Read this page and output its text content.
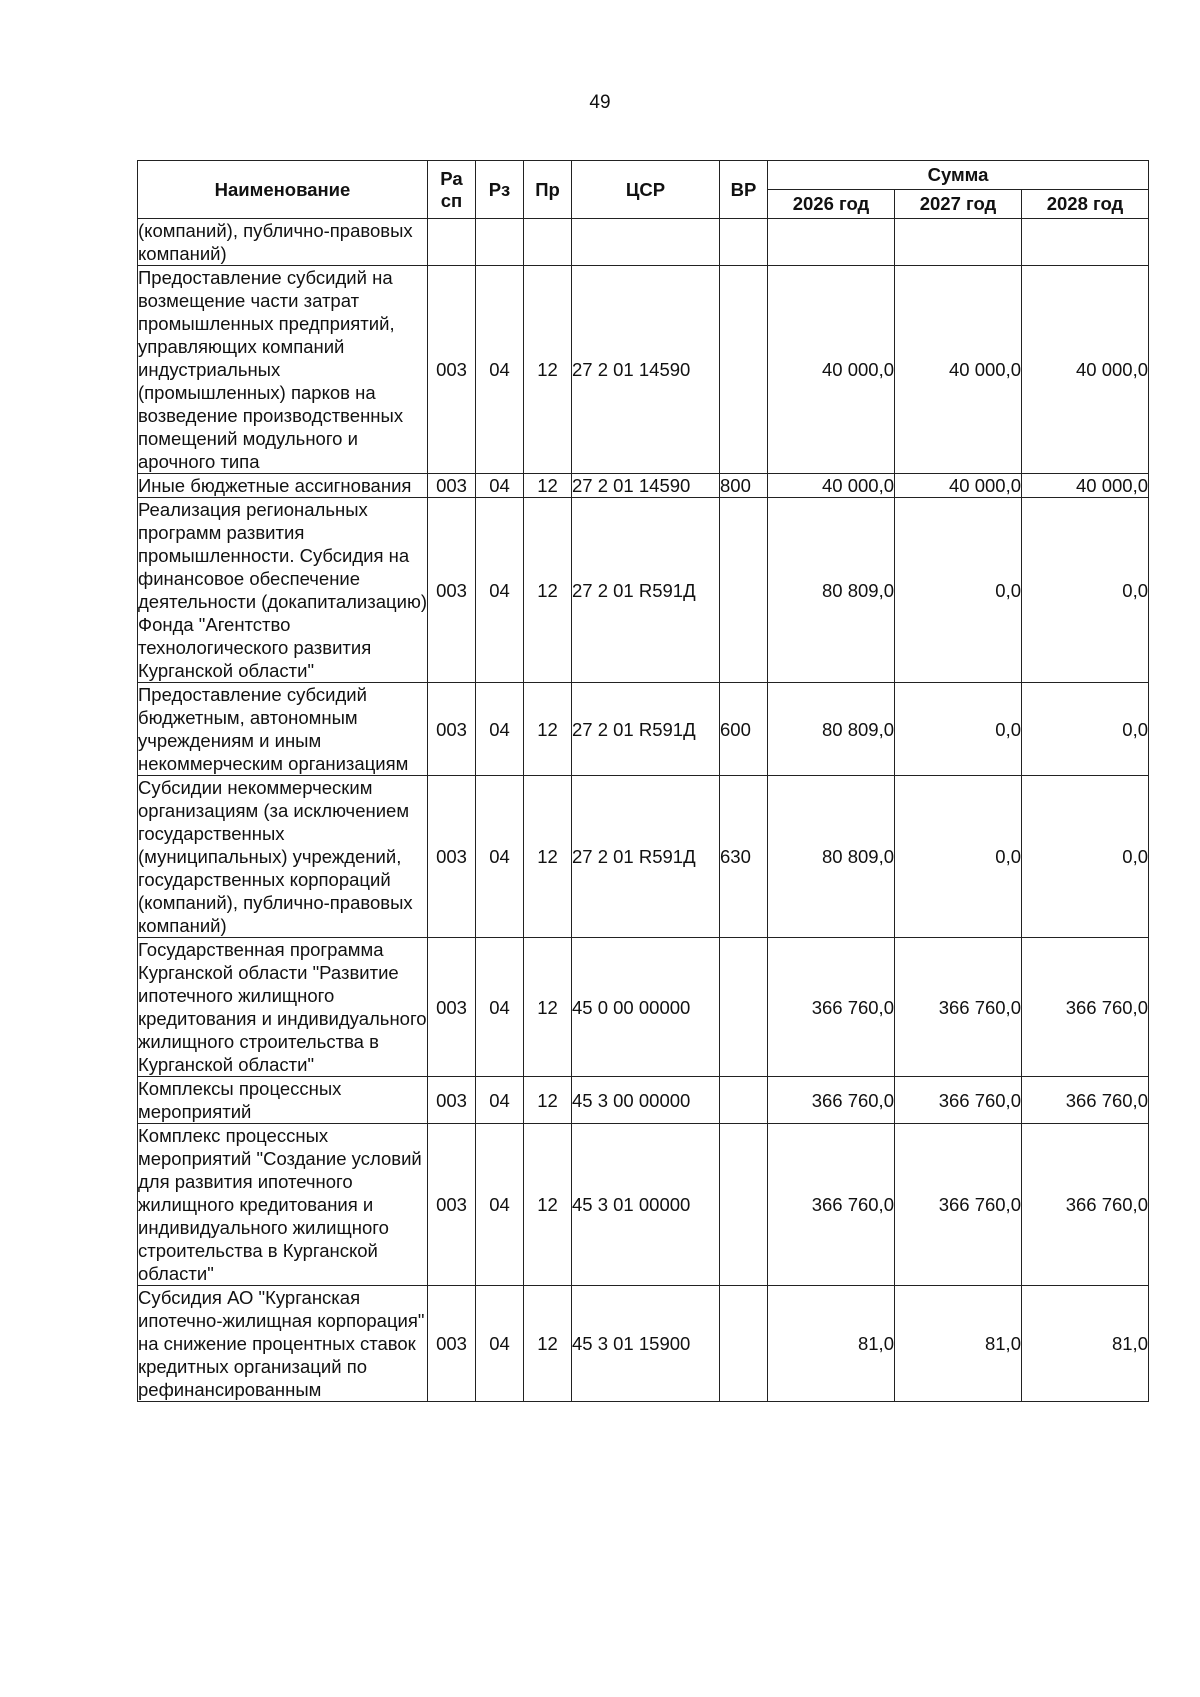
49
Наименование	Ра сп	Рз	Пр	ЦСР	ВР	Сумма		
						2026 год	2027 год	2028 год
(компаний), публично-правовых компаний)								
Предоставление субсидий на возмещение части затрат промышленных предприятий, управляющих компаний индустриальных (промышленных) парков на возведение производственных помещений модульного и арочного типа	003	04	12	27 2 01 14590		40 000,0	40 000,0	40 000,0
Иные бюджетные ассигнования	003	04	12	27 2 01 14590	800	40 000,0	40 000,0	40 000,0
Реализация региональных программ развития промышленности. Субсидия на финансовое обеспечение деятельности (докапитализацию) Фонда "Агентство технологического развития Курганской области"	003	04	12	27 2 01 R591Д		80 809,0	0,0	0,0
Предоставление субсидий бюджетным, автономным учреждениям и иным некоммерческим организациям	003	04	12	27 2 01 R591Д	600	80 809,0	0,0	0,0
Субсидии некоммерческим организациям (за исключением государственных (муниципальных) учреждений, государственных корпораций (компаний), публично-правовых компаний)	003	04	12	27 2 01 R591Д	630	80 809,0	0,0	0,0
Государственная программа Курганской области "Развитие ипотечного жилищного кредитования и индивидуального жилищного строительства в Курганской области"	003	04	12	45 0 00 00000		366 760,0	366 760,0	366 760,0
Комплексы процессных мероприятий	003	04	12	45 3 00 00000		366 760,0	366 760,0	366 760,0
Комплекс процессных мероприятий "Создание условий для развития ипотечного жилищного кредитования и индивидуального жилищного строительства в Курганской области"	003	04	12	45 3 01 00000		366 760,0	366 760,0	366 760,0
Субсидия АО "Курганская ипотечно-жилищная корпорация" на снижение процентных ставок кредитных организаций по рефинансированным	003	04	12	45 3 01 15900		81,0	81,0	81,0
